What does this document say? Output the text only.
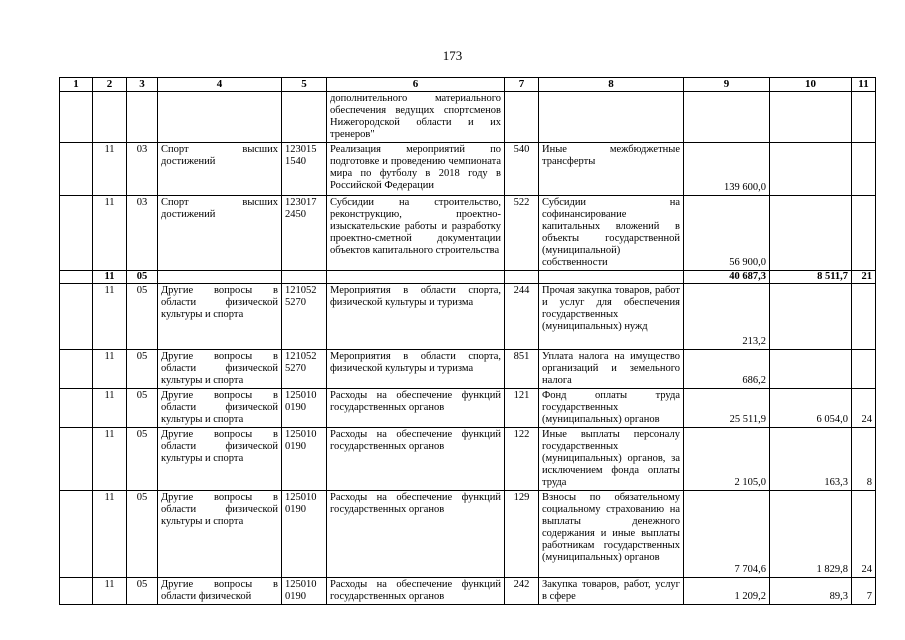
173
1	2	3	4	5	6	7	8	9	10	11
					дополнительного материального обеспечения ведущих спортсменов Нижегородской области и их тренеров"					
	11	03	Спорт высших достижений	123015 1540	Реализация мероприятий по подготовке и проведению чемпионата мира по футболу в 2018 году в Российской Федерации	540	Иные межбюджетные трансферты	139 600,0		
	11	03	Спорт высших достижений	123017 2450	Субсидии на строительство, реконструкцию, проектно-изыскательские работы и разработку проектно-сметной документации объектов капитального строительства	522	Субсидии на софинансирование капитальных вложений в объекты государственной (муниципальной) собственности	56 900,0		
	11	05						40 687,3	8 511,7	21
	11	05	Другие вопросы в области физической культуры и спорта	121052 5270	Мероприятия в области спорта, физической культуры и туризма	244	Прочая закупка товаров, работ и услуг для обеспечения государственных (муниципальных) нужд	213,2		
	11	05	Другие вопросы в области физической культуры и спорта	121052 5270	Мероприятия в области спорта, физической культуры и туризма	851	Уплата налога на имущество организаций и земельного налога	686,2		
	11	05	Другие вопросы в области физической культуры и спорта	125010 0190	Расходы на обеспечение функций государственных органов	121	Фонд оплаты труда государственных (муниципальных) органов	25 511,9	6 054,0	24
	11	05	Другие вопросы в области физической культуры и спорта	125010 0190	Расходы на обеспечение функций государственных органов	122	Иные выплаты персоналу государственных (муниципальных) органов, за исключением фонда оплаты труда	2 105,0	163,3	8
	11	05	Другие вопросы в области физической культуры и спорта	125010 0190	Расходы на обеспечение функций государственных органов	129	Взносы по обязательному социальному страхованию на выплаты денежного содержания и иные выплаты работникам государственных (муниципальных) органов	7 704,6	1 829,8	24
	11	05	Другие вопросы в области физической	125010 0190	Расходы на обеспечение функций государственных органов	242	Закупка товаров, работ, услуг в сфере	1 209,2	89,3	7
